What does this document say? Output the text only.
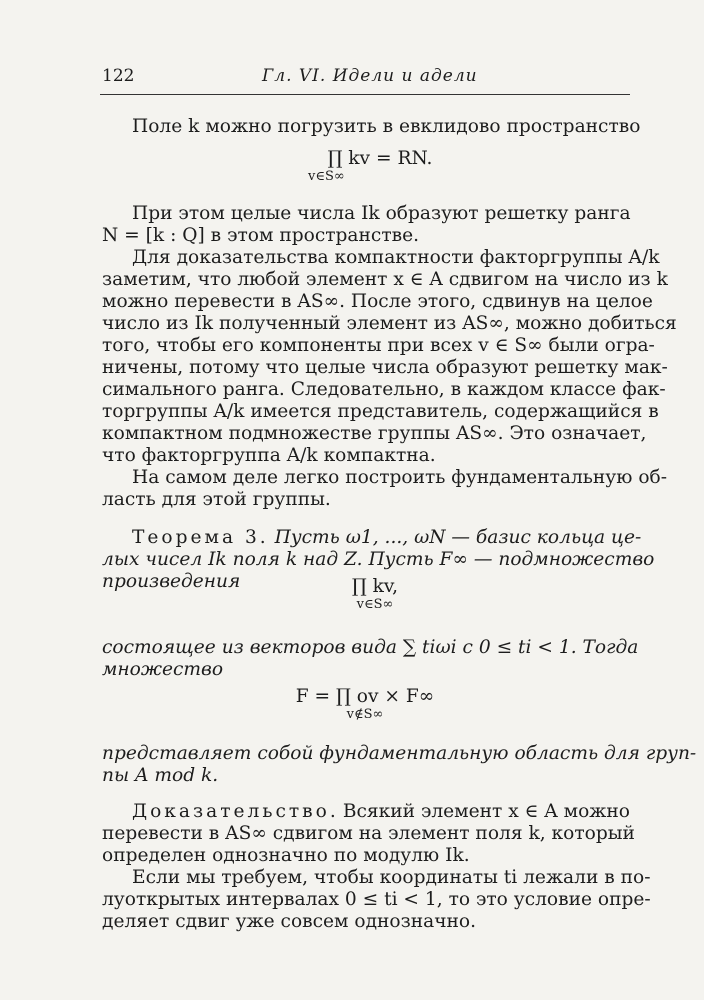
122	Гл. VI. Идели и адели
Поле k можно погрузить в евклидово пространство
∏ kv = RN.
v∈S∞
При этом целые числа Ik образуют решетку ранга
N = [k : Q] в этом пространстве.
Для доказательства компактности факторгруппы A/k
заметим, что любой элемент x ∈ A сдвигом на число из k
можно перевести в AS∞. После этого, сдвинув на целое
число из Ik полученный элемент из AS∞, можно добиться
того, чтобы его компоненты при всех v ∈ S∞ были огра-
ничены, потому что целые числа образуют решетку мак-
симального ранга. Следовательно, в каждом классе фак-
торгруппы A/k имеется представитель, содержащийся в
компактном подмножестве группы AS∞. Это означает,
что факторгруппа A/k компактна.
На самом деле легко построить фундаментальную об-
ласть для этой группы.
Теорема 3. Пусть ω1, ..., ωN — базис кольца це-
лых чисел Ik поля k над Z. Пусть F∞ — подмножество
произведения	∏ kv,
v∈S∞
состоящее из векторов вида ∑ tiωi с 0 ≤ ti < 1. Тогда
множество
F = ∏ ov × F∞
v∉S∞
представляет собой фундаментальную область для груп-
пы A mod k.
Доказательство. Всякий элемент x ∈ A можно
перевести в AS∞ сдвигом на элемент поля k, который
определен однозначно по модулю Ik.
Если мы требуем, чтобы координаты ti лежали в по-
луоткрытых интервалах 0 ≤ ti < 1, то это условие опре-
деляет сдвиг уже совсем однозначно.
